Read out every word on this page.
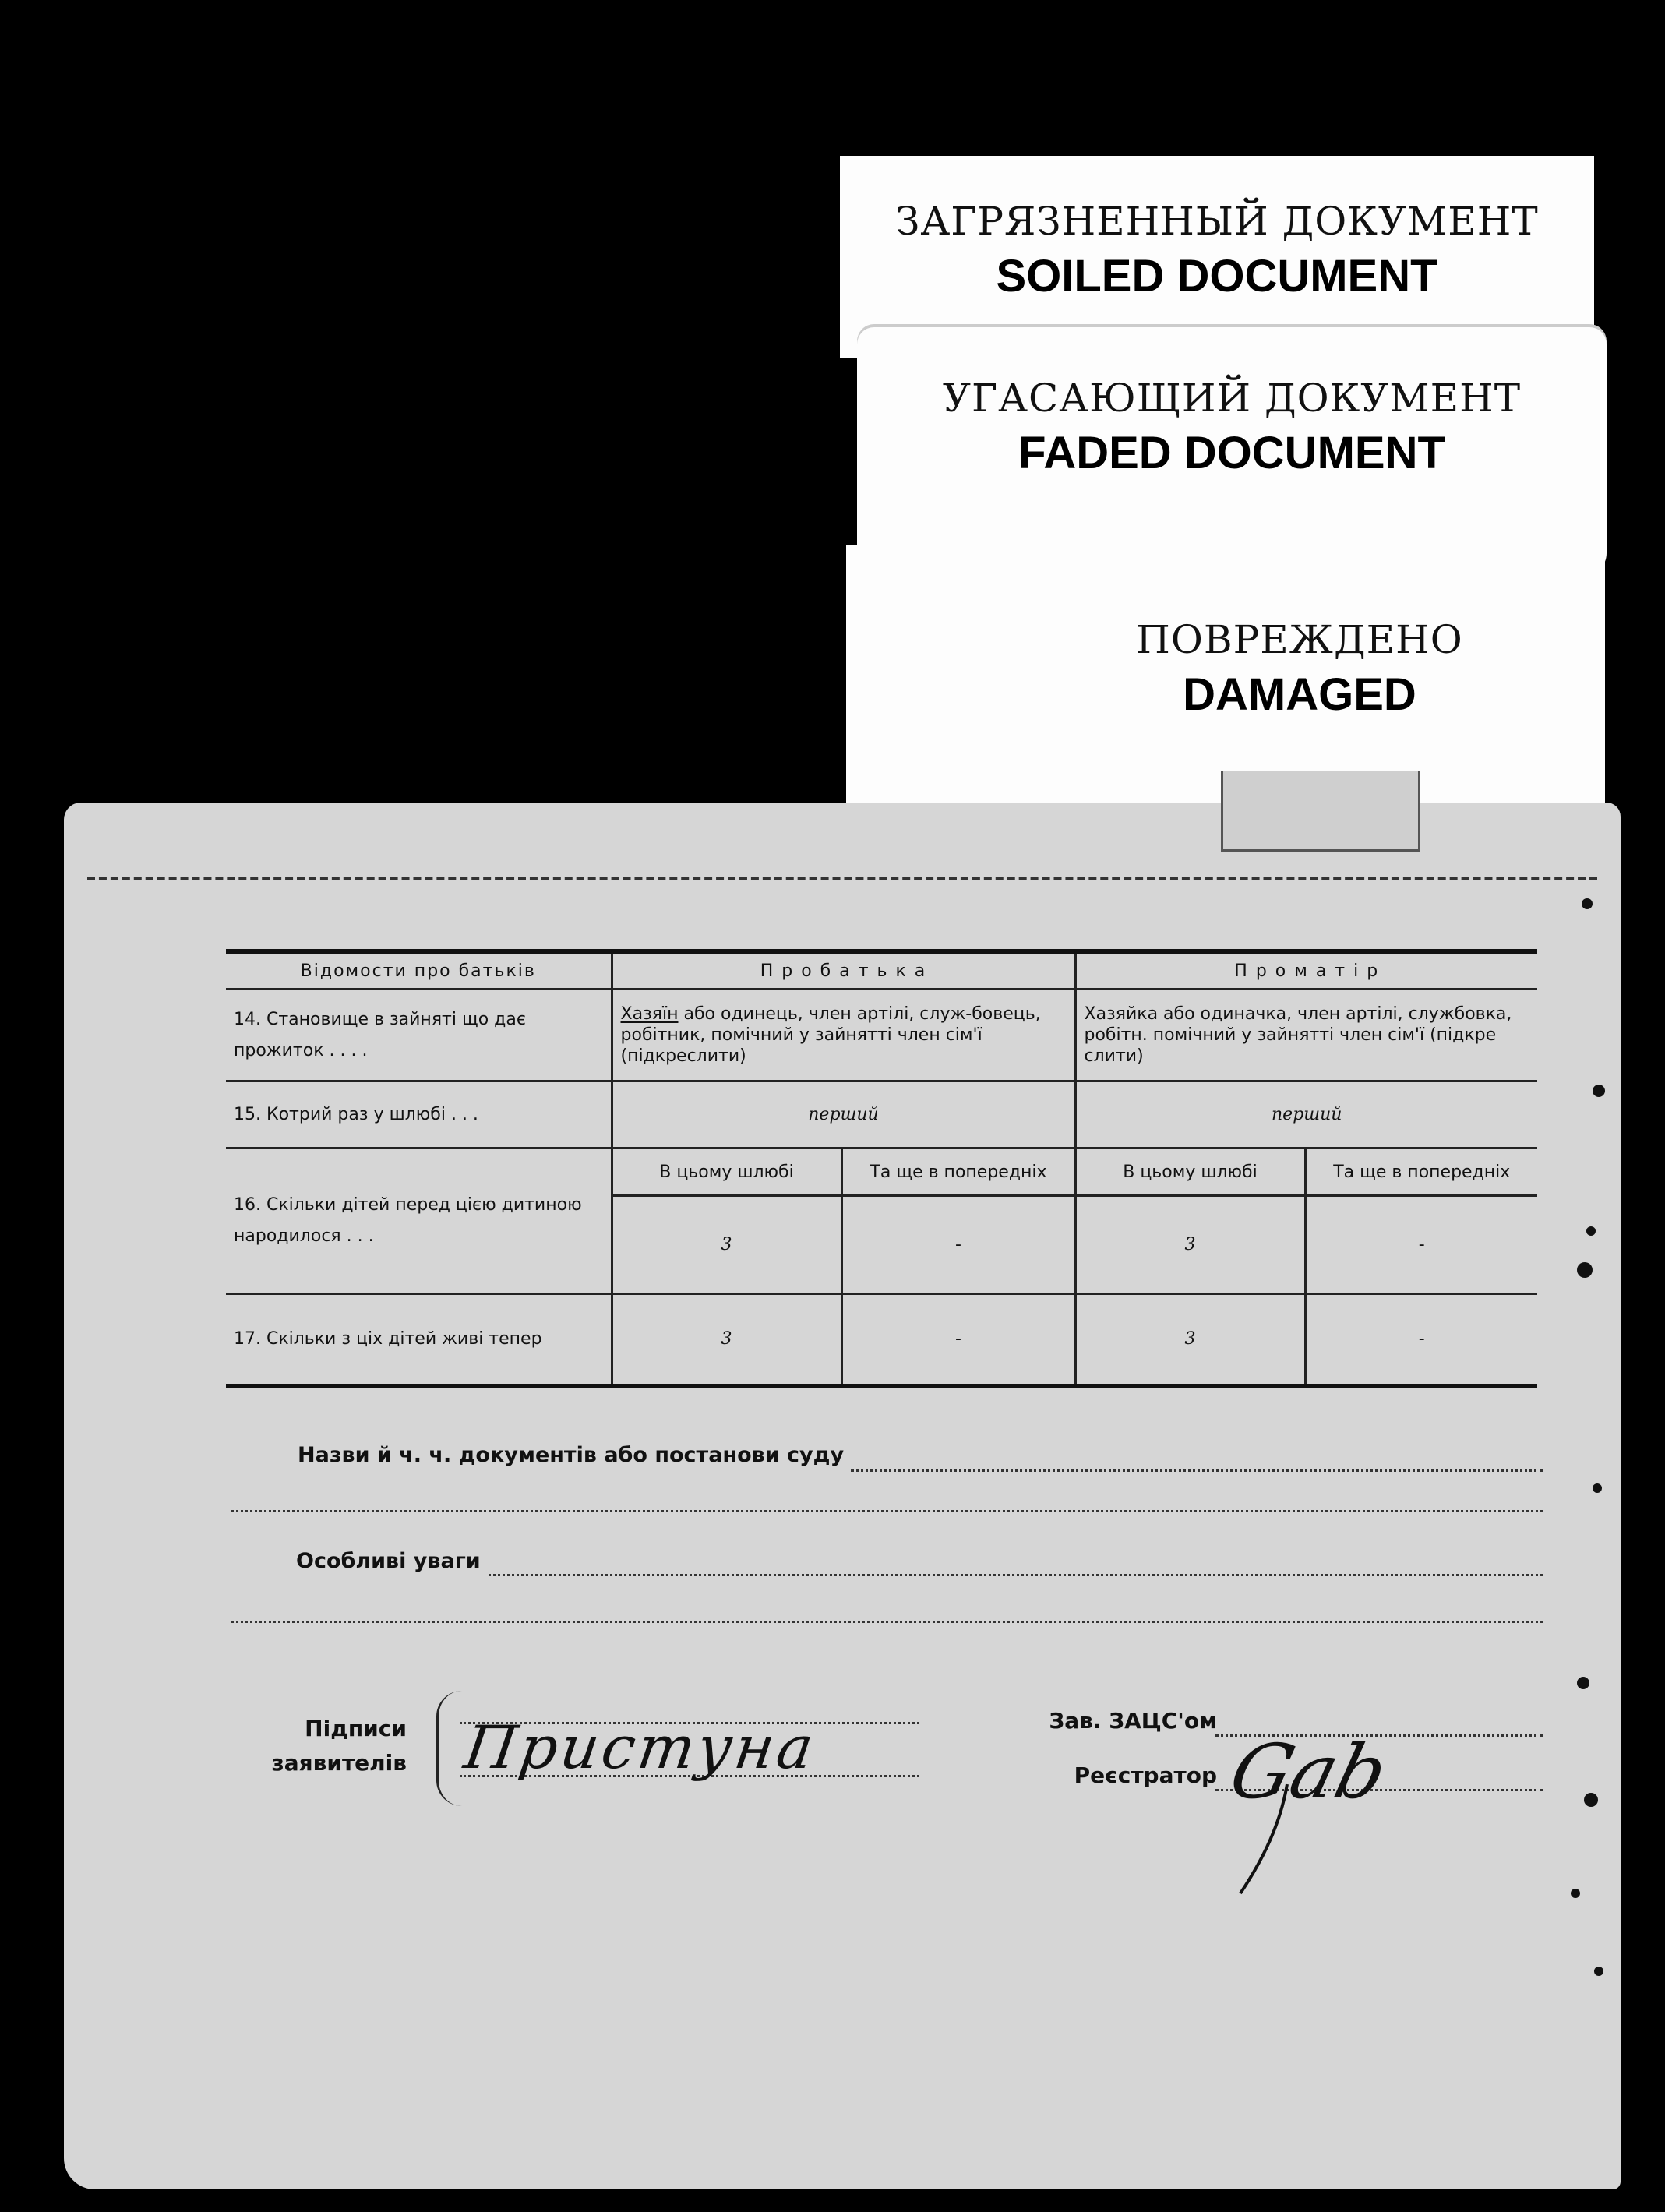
ЗАГРЯЗНЕННЫЙ ДОКУМЕНТ
SOILED DOCUMENT
ПОВРЕЖДЕНО
DAMAGED
УГАСАЮЩИЙ ДОКУМЕНТ
FADED DOCUMENT
Відомости про батьків	П р о б а т ь к а		П р о м а т і р	
14. Становище в зайняті що дає прожиток . . . .	Хазяїн або одинець, член артілі, служ-бовець, робітник, помічний у зайнятті член сім'ї (підкреслити)		Хазяйка або одиначка, член артілі, службовка, робітн. помічний у зайнятті член сім'ї (підкре слити)	
15. Котрий раз у шлюбі . . .	перший		перший	
16. Скільки дітей перед цією дитиною народилося . . .	В цьому шлюбі	Та ще в попередніх	В цьому шлюбі	Та ще в попередніх
	3	-	3	-
17. Скільки з ціх дітей живі тепер	3	-	3	-
Назви й ч. ч. документів або постанови суду
Особливі уваги
Підписи
заявителів Пристуна	Зав. ЗАЦС'ом
Реєстратор Gab
